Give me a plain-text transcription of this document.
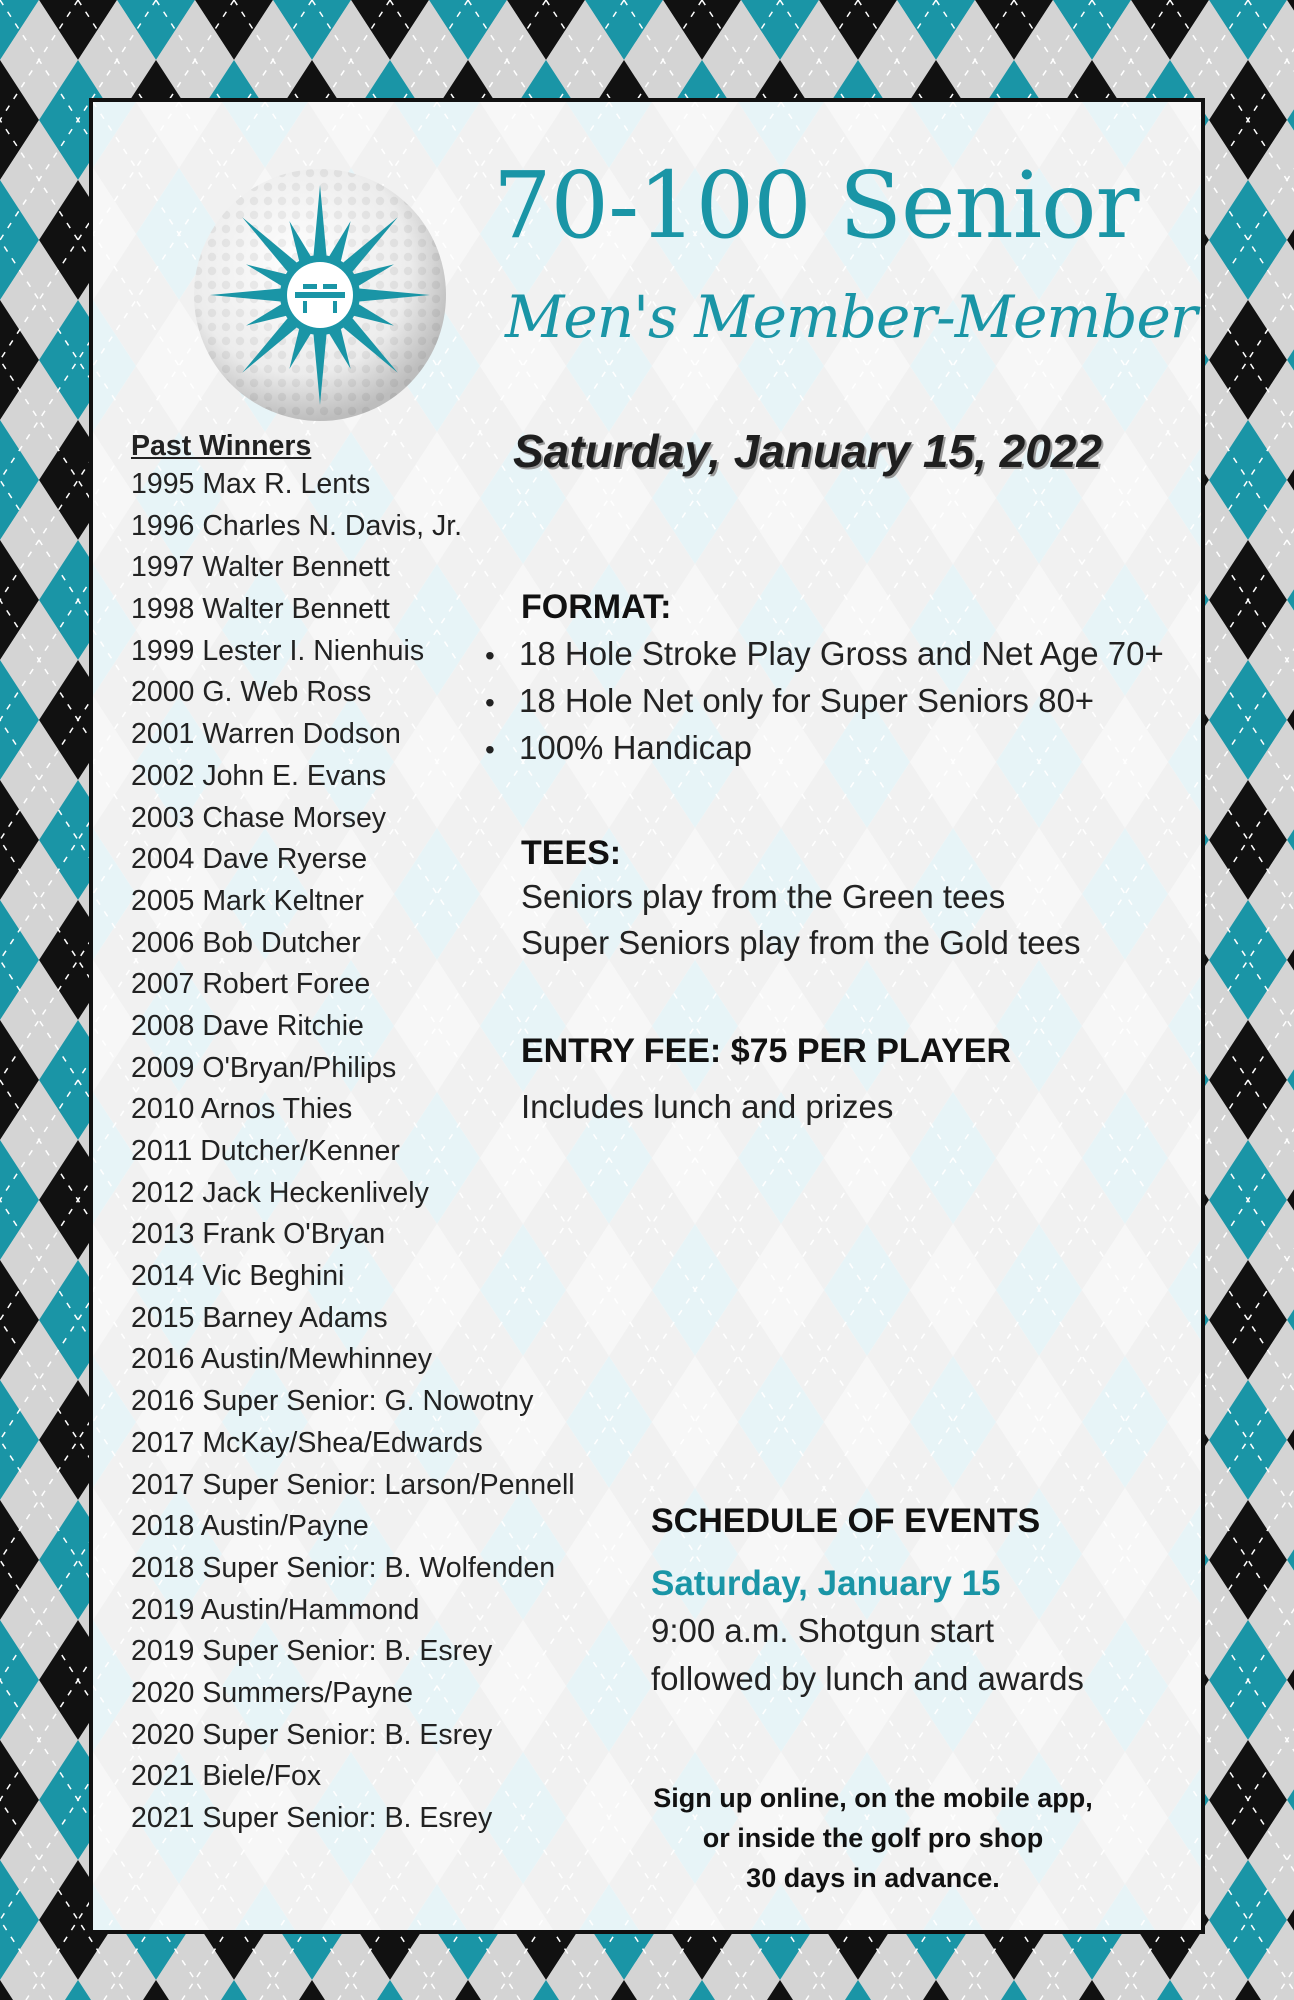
70-100 Senior
Men's Member-Member
Saturday, January 15, 2022
Past Winners
1995 Max R. Lents
1996 Charles N. Davis, Jr.
1997 Walter Bennett
1998 Walter Bennett
1999 Lester I. Nienhuis
2000 G. Web Ross
2001 Warren Dodson
2002 John E. Evans
2003 Chase Morsey
2004 Dave Ryerse
2005 Mark Keltner
2006 Bob Dutcher
2007 Robert Foree
2008 Dave Ritchie
2009 O'Bryan/Philips
2010 Arnos Thies
2011 Dutcher/Kenner
2012 Jack Heckenlively
2013 Frank O'Bryan
2014 Vic Beghini
2015 Barney Adams
2016 Austin/Mewhinney
2016 Super Senior: G. Nowotny
2017 McKay/Shea/Edwards
2017 Super Senior: Larson/Pennell
2018 Austin/Payne
2018 Super Senior: B. Wolfenden
2019 Austin/Hammond
2019 Super Senior: B. Esrey
2020 Summers/Payne
2020 Super Senior: B. Esrey
2021 Biele/Fox
2021 Super Senior: B. Esrey
FORMAT:
• 18 Hole Stroke Play Gross and Net Age 70+
• 18 Hole Net only for Super Seniors 80+
• 100% Handicap
TEES:
Seniors play from the Green tees
Super Seniors play from the Gold tees
ENTRY FEE: $75 PER PLAYER
Includes lunch and prizes
SCHEDULE OF EVENTS
Saturday, January 15
9:00 a.m. Shotgun start
followed by lunch and awards
Sign up online, on the mobile app,
or inside the golf pro shop
30 days in advance.
